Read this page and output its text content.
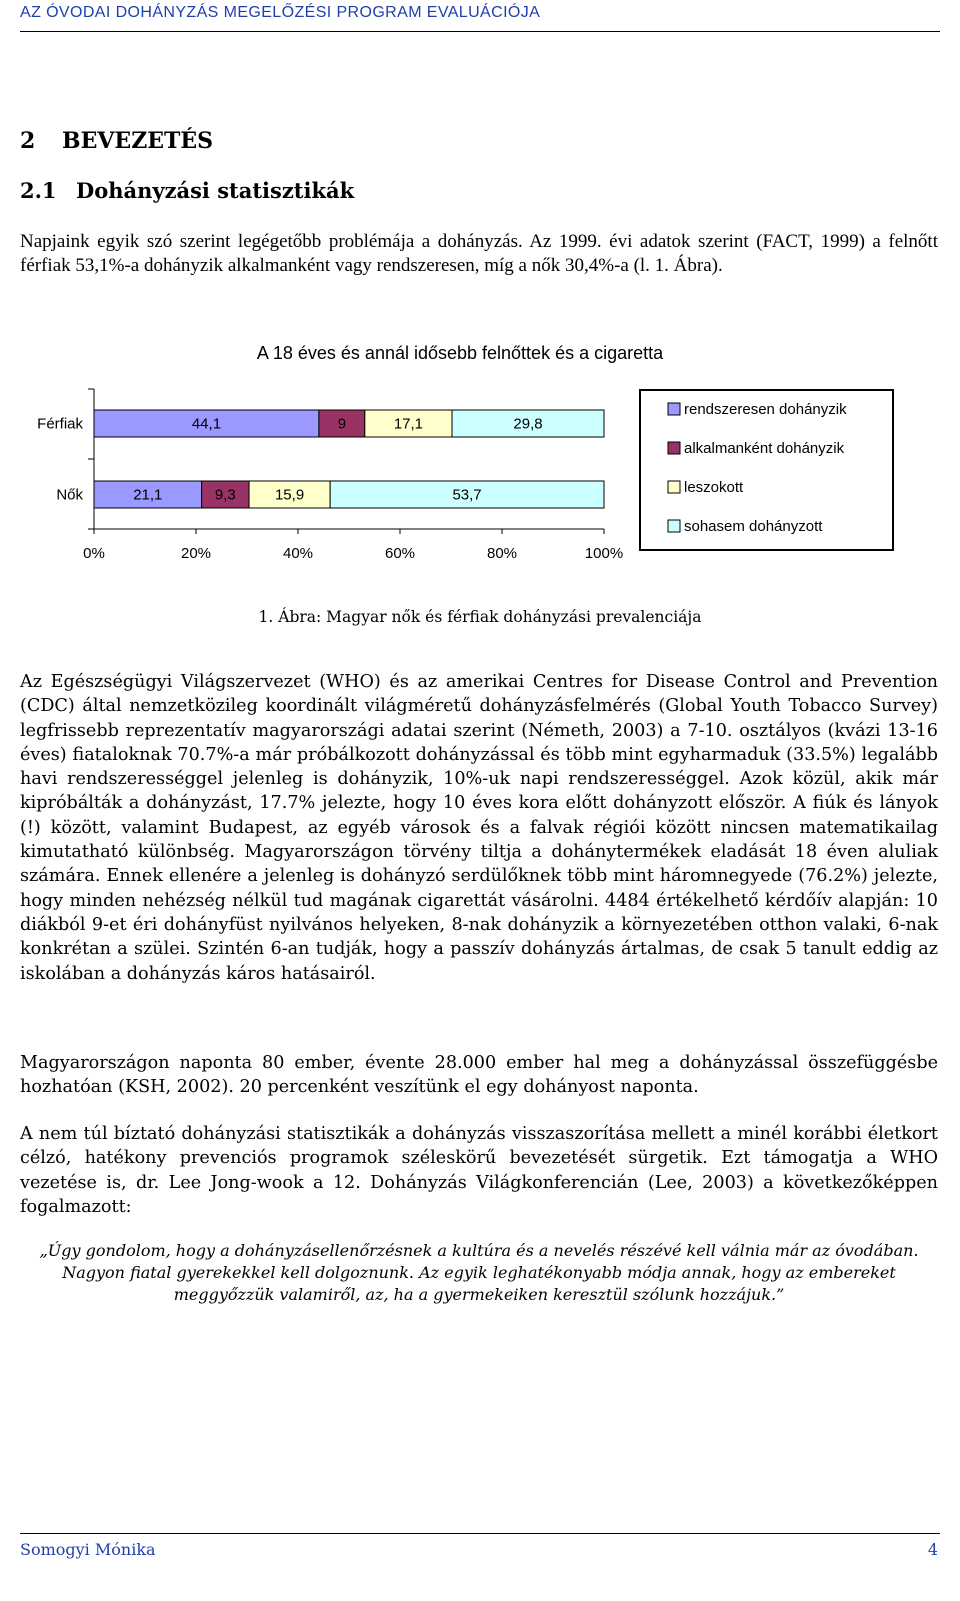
AZ ÓVODAI DOHÁNYZÁS MEGELŐZÉSI PROGRAM EVALUÁCIÓJA
2 BEVEZETÉS
2.1 Dohányzási statisztikák

Napjaink egyik szó szerint legégetőbb problémája a dohányzás. Az 1999. évi adatok szerint (FACT, 1999) a felnőtt férfiak 53,1%-a dohányzik alkalmanként vagy rendszeresen, míg a nők 30,4%-a (l. 1. Ábra).

A 18 éves és annál idősebb felnőttek és a cigaretta
0%	20%	40%	60%	80%	100%
Férfiak	44,1	9	17,1	29,8
Nők	21,1	9,3	15,9	53,7
rendszeresen dohányzik
alkalmanként dohányzik
leszokott
sohasem dohányzott

1. Ábra: Magyar nők és férfiak dohányzási prevalenciája

Az Egészségügyi Világszervezet (WHO) és az amerikai Centres for Disease Control and Prevention (CDC) által nemzetközileg koordinált világméretű dohányzásfelmérés (Global Youth Tobacco Survey) legfrissebb reprezentatív magyarországi adatai szerint (Németh, 2003) a 7-10. osztályos (kvázi 13-16 éves) fiataloknak 70.7%-a már próbálkozott dohányzással és több mint egyharmaduk (33.5%) legalább havi rendszerességgel jelenleg is dohányzik, 10%-uk napi rendszerességgel. Azok közül, akik már kipróbálták a dohányzást, 17.7% jelezte, hogy 10 éves kora előtt dohányzott először. A fiúk és lányok (!) között, valamint Budapest, az egyéb városok és a falvak régiói között nincsen matematikailag kimutatható különbség. Magyarországon törvény tiltja a dohánytermékek eladását 18 éven aluliak számára. Ennek ellenére a jelenleg is dohányzó serdülőknek több mint háromnegyede (76.2%) jelezte, hogy minden nehézség nélkül tud magának cigarettát vásárolni. 4484 értékelhető kérdőív alapján: 10 diákból 9-et éri dohányfüst nyilvános helyeken, 8-nak dohányzik a környezetében otthon valaki, 6-nak konkrétan a szülei. Szintén 6-an tudják, hogy a passzív dohányzás ártalmas, de csak 5 tanult eddig az iskolában a dohányzás káros hatásairól.

Magyarországon naponta 80 ember, évente 28.000 ember hal meg a dohányzással összefüggésbe hozhatóan (KSH, 2002). 20 percenként veszítünk el egy dohányost naponta.

A nem túl bíztató dohányzási statisztikák a dohányzás visszaszorítása mellett a minél korábbi életkort célzó, hatékony prevenciós programok széleskörű bevezetését sürgetik. Ezt támogatja a WHO vezetése is, dr. Lee Jong-wook a 12. Dohányzás Világkonferencián (Lee, 2003) a következőképpen fogalmazott:

„Úgy gondolom, hogy a dohányzásellenőrzésnek a kultúra és a nevelés részévé kell válnia már az óvodában. Nagyon fiatal gyerekekkel kell dolgoznunk. Az egyik leghatékonyabb módja annak, hogy az embereket meggyőzzük valamiről, az, ha a gyermekeiken keresztül szólunk hozzájuk.”

Somogyi Mónika	4
